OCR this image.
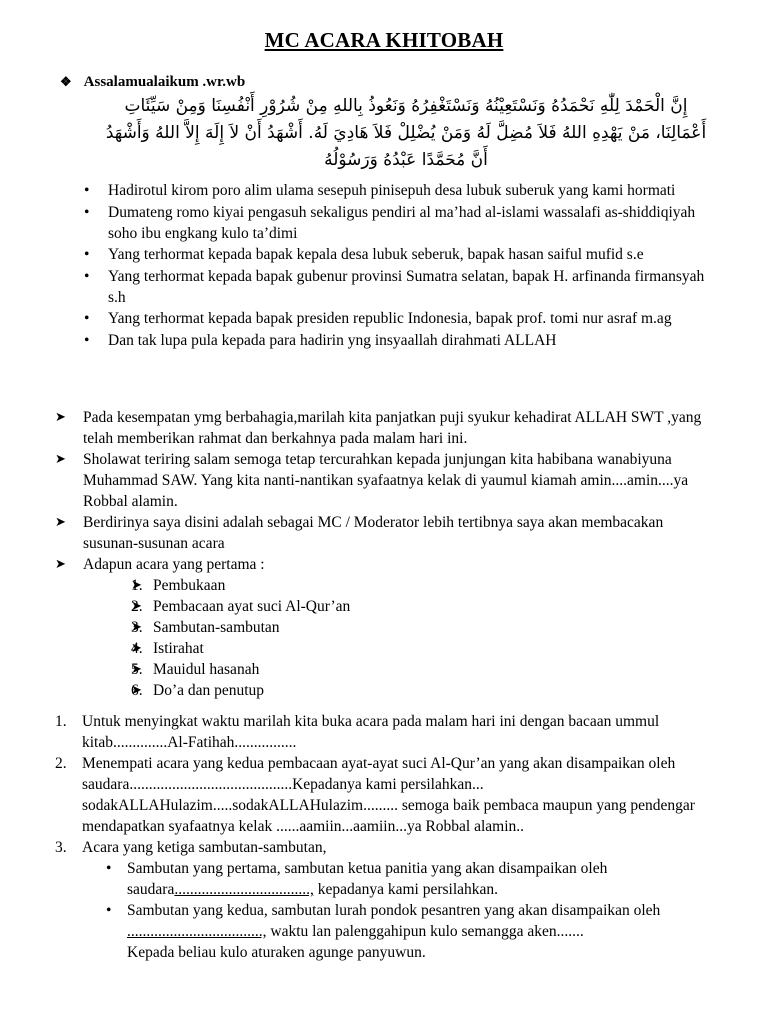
MC ACARA KHITOBAH
❖ Assalamualaikum .wr.wb
إِنَّ الْحَمْدَ لِلّٰهِ نَحْمَدُهُ وَنَسْتَعِيْنُهُ وَنَسْتَغْفِرُهُ وَنَعُوذُ بِاللهِ مِنْ شُرُوْرِ أَنْفُسِنَا وَمِنْ سَيِّئَاتِ أَعْمَالِنَا، مَنْ يَهْدِهِ اللهُ فَلاَ مُضِلَّ لَهُ وَمَنْ يُضْلِلْ فَلاَ هَادِيَ لَهُ. أَشْهَدُ أَنْ لاَ إِلَهَ إِلاَّ اللهُ وَأَشْهَدُ أَنَّ مُحَمَّدًا عَبْدُهُ وَرَسُوْلُهُ
• Hadirotul kirom poro alim ulama sesepuh pinisepuh desa lubuk suberuk yang kami hormati
• Dumateng romo kiyai pengasuh sekaligus pendiri al ma’had al-islami wassalafi as-shiddiqiyah soho ibu engkang kulo ta’dimi
• Yang terhormat kepada bapak kepala desa lubuk seberuk, bapak hasan saiful mufid s.e
• Yang terhormat kepada bapak gubenur provinsi Sumatra selatan, bapak H. arfinanda firmansyah s.h
• Yang terhormat kepada bapak presiden republic Indonesia, bapak prof. tomi nur asraf m.ag
• Dan tak lupa pula kepada para hadirin yng insyaallah dirahmati ALLAH
➤ Pada kesempatan ymg berbahagia,marilah kita panjatkan puji syukur kehadirat ALLAH SWT ,yang telah memberikan rahmat dan berkahnya pada malam hari ini.
➤ Sholawat teriring salam semoga tetap tercurahkan kepada junjungan kita habibana wanabiyuna Muhammad SAW. Yang kita nanti-nantikan syafaatnya kelak di yaumul kiamah amin....amin....ya Robbal alamin.
➤ Berdirinya saya disini adalah sebagai MC / Moderator lebih tertibnya saya akan membacakan susunan-susunan acara
➤ Adapun acara yang pertama :
➤ 1. Pembukaan
➤ 2. Pembacaan ayat suci Al-Qur’an
➤ 3. Sambutan-sambutan
➤ 4. Istirahat
➤ 5. Mauidul hasanah
➤ 6. Do’a dan penutup
1. Untuk menyingkat waktu marilah kita buka acara pada malam hari ini dengan bacaan ummul kitab..............Al-Fatihah................
2. Menempati acara yang kedua pembacaan ayat-ayat suci Al-Qur’an yang akan disampaikan oleh saudara..........................................Kepadanya kami persilahkan... sodakALLAHulazim.....sodakALLAHulazim......... semoga baik pembaca maupun yang pendengar mendapatkan syafaatnya kelak ......aamiin...aamiin...ya Robbal alamin..
3. Acara yang ketiga sambutan-sambutan,
• Sambutan yang pertama, sambutan ketua panitia yang akan disampaikan oleh saudara..................................., kepadanya kami persilahkan.
• Sambutan yang kedua, sambutan lurah pondok pesantren yang akan disampaikan oleh ..................................., waktu lan palenggahipun kulo semangga aken.......
Kepada beliau kulo aturaken agunge panyuwun.
